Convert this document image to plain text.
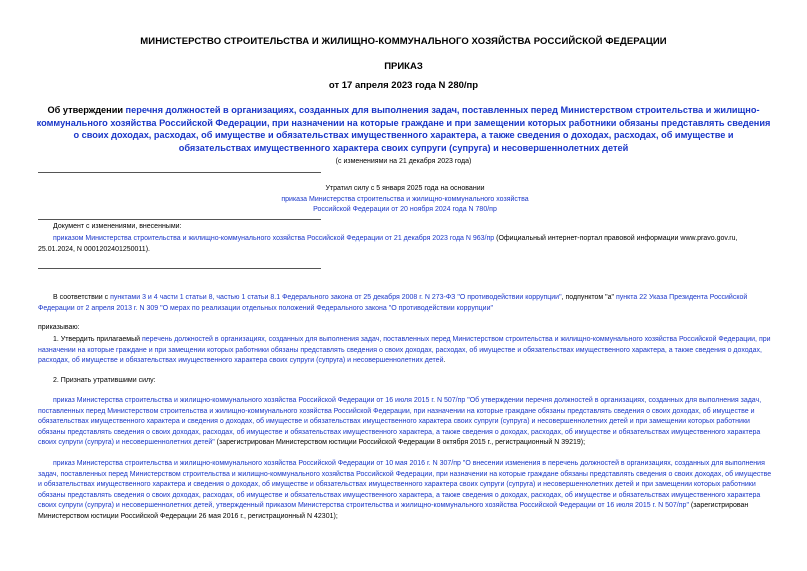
МИНИСТЕРСТВО СТРОИТЕЛЬСТВА И ЖИЛИЩНО-КОММУНАЛЬНОГО ХОЗЯЙСТВА РОССИЙСКОЙ ФЕДЕРАЦИИ
ПРИКАЗ
от 17 апреля 2023 года N 280/пр
Об утверждении перечня должностей в организациях, созданных для выполнения задач, поставленных перед Министерством строительства и жилищно-коммунального хозяйства Российской Федерации, при назначении на которые граждане и при замещении которых работники обязаны представлять сведения о своих доходах, расходах, об имуществе и обязательствах имущественного характера, а также сведения о доходах, расходах, об имуществе и обязательствах имущественного характера своих супруги (супруга) и несовершеннолетних детей
(с изменениями на 21 декабря 2023 года)
Утратил силу с 5 января 2025 года на основании
приказа Министерства строительства и жилищно-коммунального хозяйства
Российской Федерации от 20 ноября 2024 года N 780/пр
Документ с изменениями, внесенными:
приказом Министерства строительства и жилищно-коммунального хозяйства Российской Федерации от 21 декабря 2023 года N 963/пр (Официальный интернет-портал правовой информации www.pravo.gov.ru, 25.01.2024, N 0001202401250011).
В соответствии с пунктами 3 и 4 части 1 статьи 8, частью 1 статьи 8.1 Федерального закона от 25 декабря 2008 г. N 273-ФЗ "О противодействии коррупции", подпунктом "а" пункта 22 Указа Президента Российской Федерации от 2 апреля 2013 г. N 309 "О мерах по реализации отдельных положений Федерального закона "О противодействии коррупции"
приказываю:
1. Утвердить прилагаемый перечень должностей в организациях, созданных для выполнения задач, поставленных перед Министерством строительства и жилищно-коммунального хозяйства Российской Федерации, при назначении на которые граждане и при замещении которых работники обязаны представлять сведения о своих доходах, расходах, об имуществе и обязательствах имущественного характера, а также сведения о доходах, расходах, об имуществе и обязательствах имущественного характера своих супруги (супруга) и несовершеннолетних детей.
2. Признать утратившими силу:
приказ Министерства строительства и жилищно-коммунального хозяйства Российской Федерации от 16 июля 2015 г. N 507/пр "Об утверждении перечня должностей в организациях, созданных для выполнения задач, поставленных перед Министерством строительства и жилищно-коммунального хозяйства Российской Федерации, при назначении на которые граждане обязаны представлять сведения о своих доходах, об имуществе и обязательствах имущественного характера и сведения о доходах, об имуществе и обязательствах имущественного характера своих супруги (супруга) и несовершеннолетних детей и при замещении которых работники обязаны представлять сведения о своих доходах, расходах, об имуществе и обязательствах имущественного характера, а также сведения о доходах, расходах, об имуществе и обязательствах имущественного характера своих супруги (супруга) и несовершеннолетних детей" (зарегистрирован Министерством юстиции Российской Федерации 8 октября 2015 г., регистрационный N 39219);
приказ Министерства строительства и жилищно-коммунального хозяйства Российской Федерации от 10 мая 2016 г. N 307/пр "О внесении изменения в перечень должностей в организациях, созданных для выполнения задач, поставленных перед Министерством строительства и жилищно-коммунального хозяйства Российской Федерации, при назначении на которые граждане обязаны представлять сведения о своих доходах, об имуществе и обязательствах имущественного характера и сведения о доходах, об имуществе и обязательствах имущественного характера своих супруги (супруга) и несовершеннолетних детей и при замещении которых работники обязаны представлять сведения о своих доходах, расходах, об имуществе и обязательствах имущественного характера, а также сведения о доходах, расходах, об имуществе и обязательствах имущественного характера своих супруги (супруга) и несовершеннолетних детей, утвержденный приказом Министерства строительства и жилищно-коммунального хозяйства Российской Федерации от 16 июля 2015 г. N 507/пр" (зарегистрирован Министерством юстиции Российской Федерации 26 мая 2016 г., регистрационный N 42301);
